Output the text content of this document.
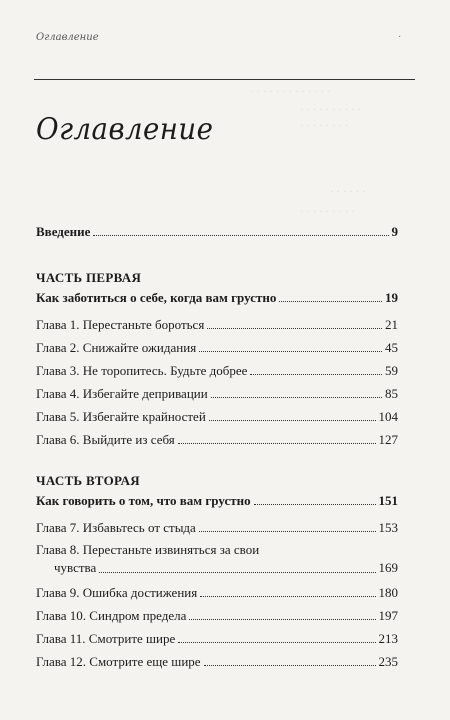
· · · · · · · · · · · · ·
· · · · · · · · · ·
· · · · · · · ·
· · · · · ·
· · · · · · · · ·
Оглавление	·
Оглавление
Введение	9
ЧАСТЬ ПЕРВАЯ
Как заботиться о себе, когда вам грустно	19
Глава 1. Перестаньте бороться	21
Глава 2. Снижайте ожидания	45
Глава 3. Не торопитесь. Будьте добрее	59
Глава 4. Избегайте депривации	85
Глава 5. Избегайте крайностей	104
Глава 6. Выйдите из себя	127
ЧАСТЬ ВТОРАЯ
Как говорить о том, что вам грустно	151
Глава 7. Избавьтесь от стыда	153
Глава 8. Перестаньте извиняться за свои
чувства	169
Глава 9. Ошибка достижения	180
Глава 10. Синдром предела	197
Глава 11. Смотрите шире	213
Глава 12. Смотрите еще шире	235
